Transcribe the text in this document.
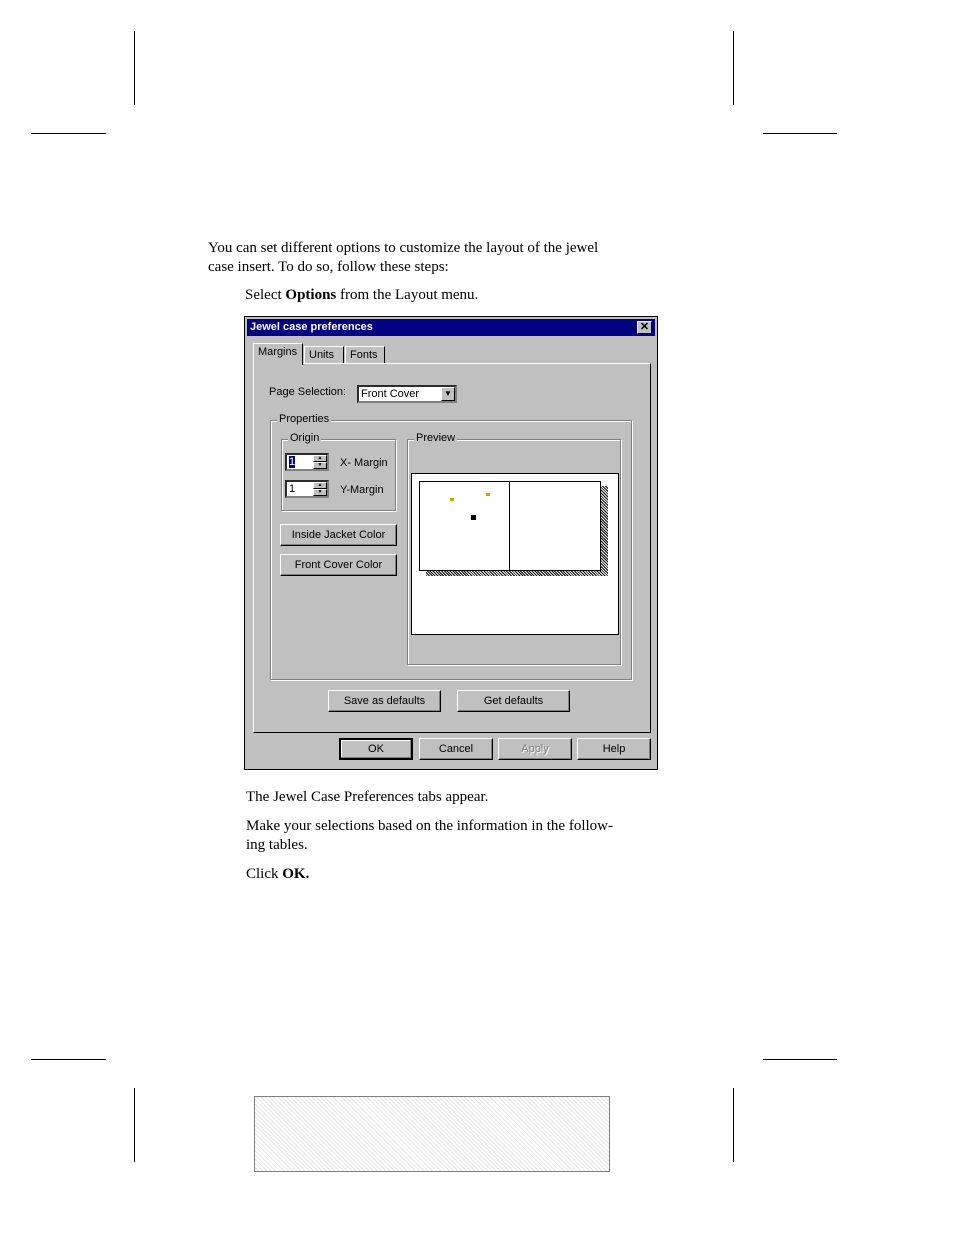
You can set different options to customize the layout of the jewel
case insert. To do so, follow these steps:

Select Options from the Layout menu.

Jewel case preferences	✕
Margins	Units	Fonts
Page Selection: Front Cover	▼
Properties
Origin
1	▲
▼	X- Margin
1	▲
▼	Y-Margin
Inside Jacket Color
Front Cover Color
Preview
Save as defaults	Get defaults
OK	Cancel	Apply	Help

The Jewel Case Preferences tabs appear.

Make your selections based on the information in the follow-
ing tables.

Click OK.
